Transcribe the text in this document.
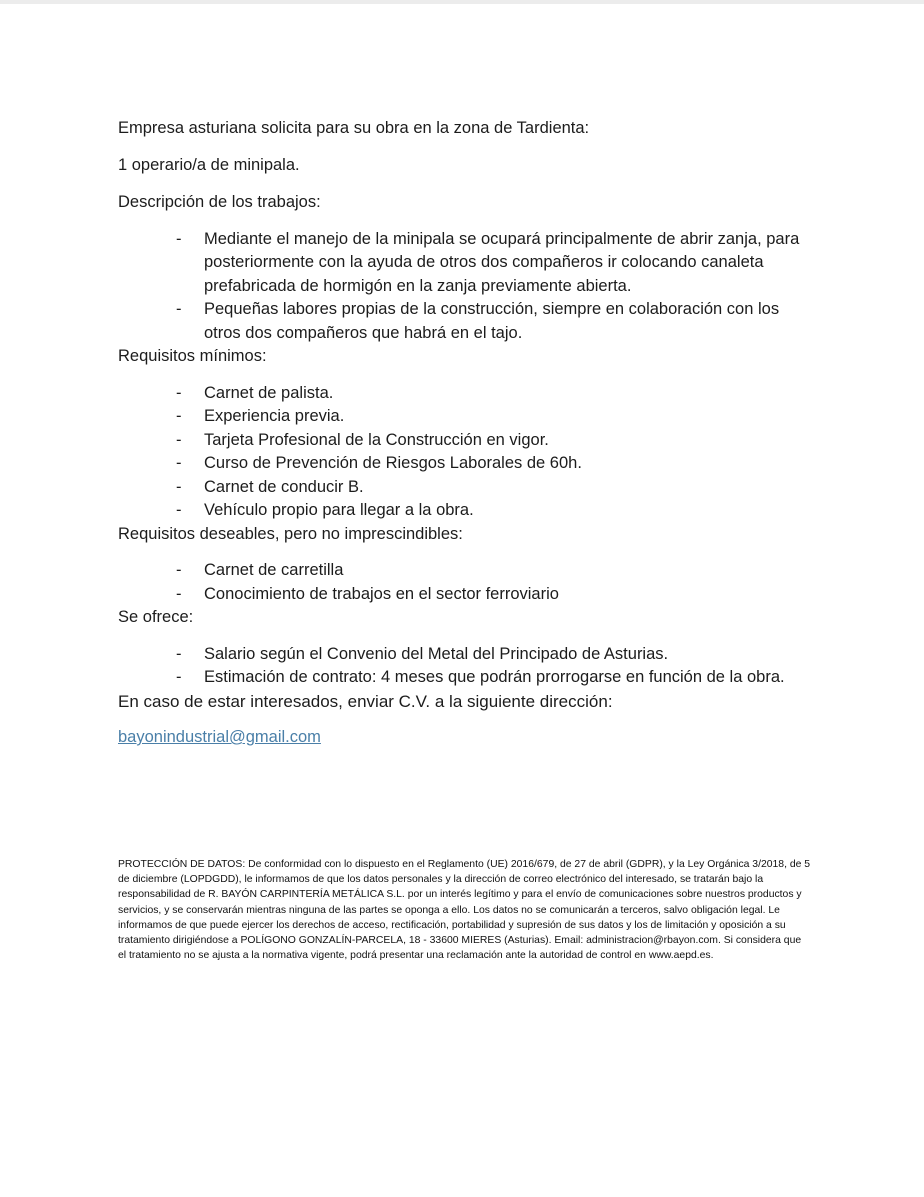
Empresa asturiana solicita para su obra en la zona de Tardienta:

1 operario/a de minipala.

Descripción de los trabajos:

- Mediante el manejo de la minipala se ocupará principalmente de abrir zanja, para posteriormente con la ayuda de otros dos compañeros ir colocando canaleta prefabricada de hormigón en la zanja previamente abierta.
- Pequeñas labores propias de la construcción, siempre en colaboración con los otros dos compañeros que habrá en el tajo.

Requisitos mínimos:

- Carnet de palista.
- Experiencia previa.
- Tarjeta Profesional de la Construcción en vigor.
- Curso de Prevención de Riesgos Laborales de 60h.
- Carnet de conducir B.
- Vehículo propio para llegar a la obra.

Requisitos deseables, pero no imprescindibles:

- Carnet de carretilla
- Conocimiento de trabajos en el sector ferroviario

Se ofrece:

- Salario según el Convenio del Metal del Principado de Asturias.
- Estimación de contrato: 4 meses que podrán prorrogarse en función de la obra.

En caso de estar interesados, enviar C.V. a la siguiente dirección:

bayonindustrial@gmail.com

PROTECCIÓN DE DATOS: De conformidad con lo dispuesto en el Reglamento (UE) 2016/679, de 27 de abril (GDPR), y la Ley Orgánica 3/2018, de 5 de diciembre (LOPDGDD), le informamos de que los datos personales y la dirección de correo electrónico del interesado, se tratarán bajo la responsabilidad de R. BAYÓN CARPINTERÍA METÁLICA S.L. por un interés legítimo y para el envío de comunicaciones sobre nuestros productos y servicios, y se conservarán mientras ninguna de las partes se oponga a ello. Los datos no se comunicarán a terceros, salvo obligación legal. Le informamos de que puede ejercer los derechos de acceso, rectificación, portabilidad y supresión de sus datos y los de limitación y oposición a su tratamiento dirigiéndose a POLÍGONO GONZALÍN-PARCELA, 18 - 33600 MIERES (Asturias). Email: administracion@rbayon.com. Si considera que el tratamiento no se ajusta a la normativa vigente, podrá presentar una reclamación ante la autoridad de control en www.aepd.es.
